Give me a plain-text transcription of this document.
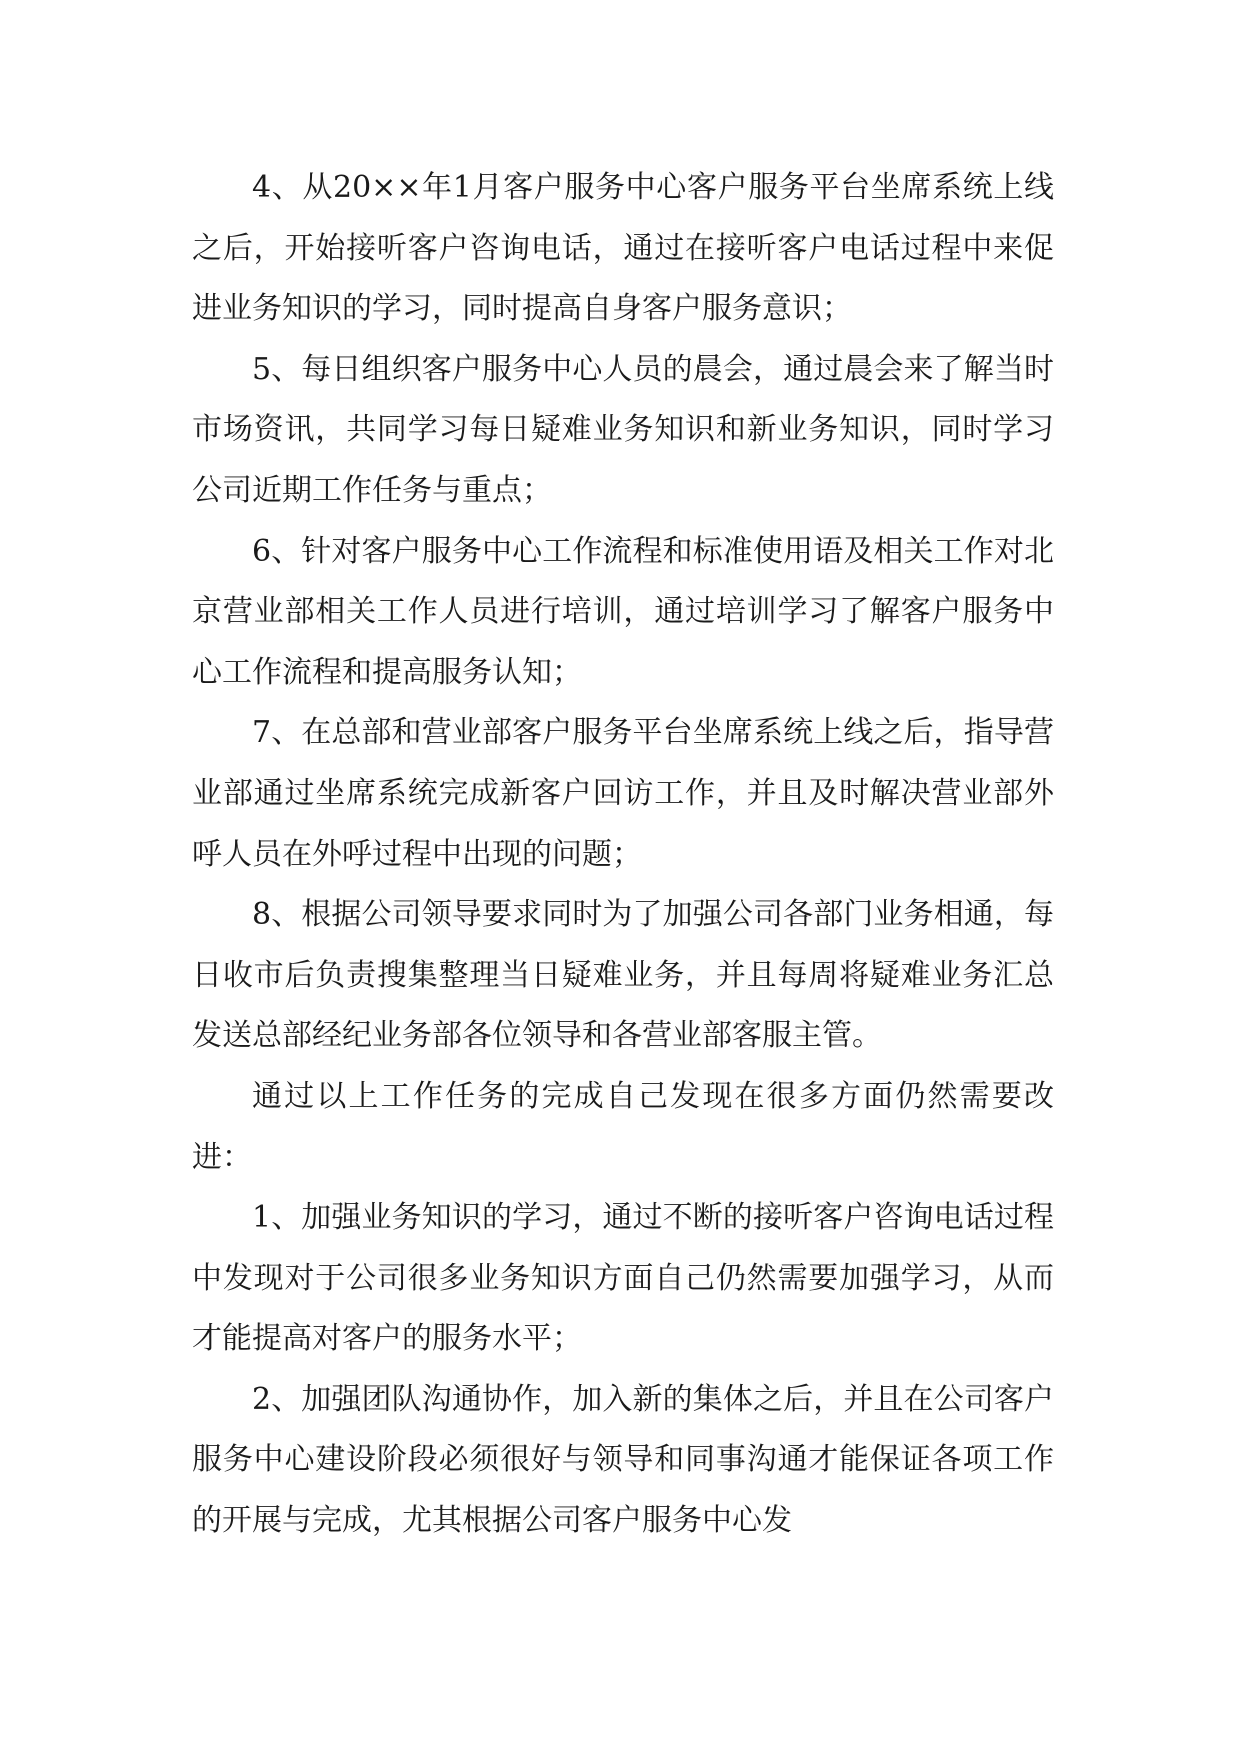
4、从20××年1月客户服务中心客户服务平台坐席系统上线之后，开始接听客户咨询电话，通过在接听客户电话过程中来促进业务知识的学习，同时提高自身客户服务意识；

5、每日组织客户服务中心人员的晨会，通过晨会来了解当时市场资讯，共同学习每日疑难业务知识和新业务知识，同时学习公司近期工作任务与重点；

6、针对客户服务中心工作流程和标准使用语及相关工作对北京营业部相关工作人员进行培训，通过培训学习了解客户服务中心工作流程和提高服务认知；

7、在总部和营业部客户服务平台坐席系统上线之后，指导营业部通过坐席系统完成新客户回访工作，并且及时解决营业部外呼人员在外呼过程中出现的问题；

8、根据公司领导要求同时为了加强公司各部门业务相通，每日收市后负责搜集整理当日疑难业务，并且每周将疑难业务汇总发送总部经纪业务部各位领导和各营业部客服主管。

通过以上工作任务的完成自己发现在很多方面仍然需要改进：

1、加强业务知识的学习，通过不断的接听客户咨询电话过程中发现对于公司很多业务知识方面自己仍然需要加强学习，从而才能提高对客户的服务水平；

2、加强团队沟通协作，加入新的集体之后，并且在公司客户服务中心建设阶段必须很好与领导和同事沟通才能保证各项工作的开展与完成，尤其根据公司客户服务中心发
